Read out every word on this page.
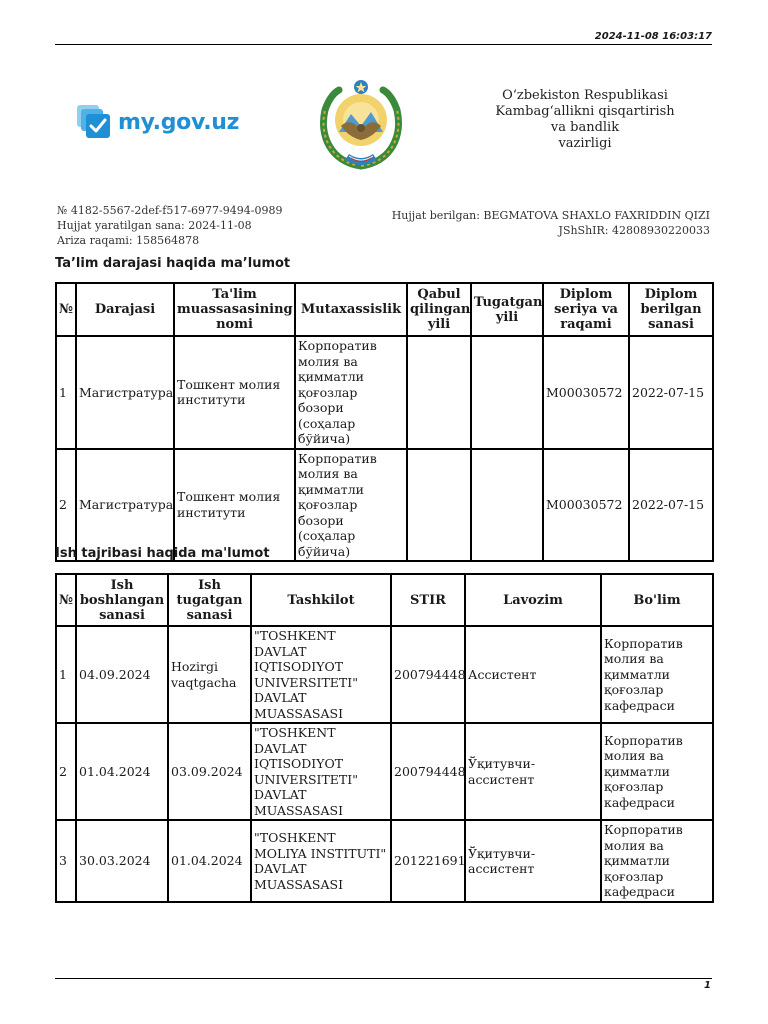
2024-11-08 16:03:17
my.gov.uz
O‘zbekiston Respublikasi
Kambag‘allikni qisqartirish
va bandlik
vazirligi
№ 4182-5567-2def-f517-6977-9494-0989
Hujjat yaratilgan sana: 2024-11-08
Ariza raqami: 158564878
Hujjat berilgan: BEGMATOVA SHAXLO FAXRIDDIN QIZI
JShShIR: 42808930220033
Ta’lim darajasi haqida ma’lumot
№	Darajasi	Ta'lim muassasasining nomi	Mutaxassislik	Qabul qilingan yili	Tugatgan yili	Diplom seriya va raqami	Diplom berilgan sanasi
1	Магистратура	Тошкент молия институти	Корпоратив молия ва қимматли қоғозлар бозори (соҳалар бўйича)			M00030572	2022-07-15
2	Магистратура	Тошкент молия институти	Корпоратив молия ва қимматли қоғозлар бозори (соҳалар бўйича)			M00030572	2022-07-15
Ish tajribasi haqida ma'lumot
№	Ish boshlangan sanasi	Ish tugatgan sanasi	Tashkilot	STIR	Lavozim	Bo'lim
1	04.09.2024	Hozirgi vaqtgacha	"TOSHKENT DAVLAT IQTISODIYOT UNIVERSITETI" DAVLAT MUASSASASI	200794448	Ассистент	Корпоратив молия ва қимматли қоғозлар кафедраси
2	01.04.2024	03.09.2024	"TOSHKENT DAVLAT IQTISODIYOT UNIVERSITETI" DAVLAT MUASSASASI	200794448	Ўқитувчи-ассистент	Корпоратив молия ва қимматли қоғозлар кафедраси
3	30.03.2024	01.04.2024	"TOSHKENT MOLIYA INSTITUTI" DAVLAT MUASSASASI	201221691	Ўқитувчи-ассистент	Корпоратив молия ва қимматли қоғозлар кафедраси
1
